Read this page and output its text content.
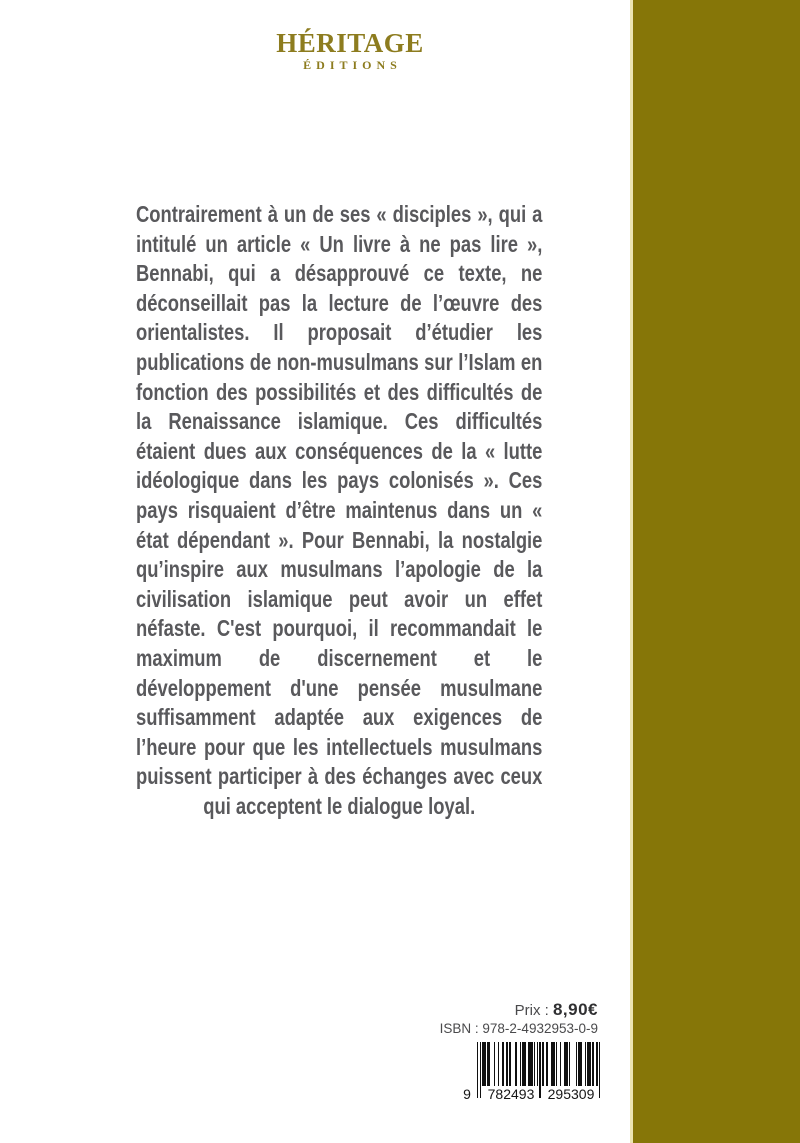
HÉRITAGE
ÉDITIONS
Contrairement à un de ses « disciples », qui a intitulé un article « Un livre à ne pas lire », Bennabi, qui a désapprouvé ce texte, ne déconseillait pas la lecture de l’œuvre des orientalistes. Il proposait d’étudier les publications de non-musulmans sur l’Islam en fonction des possibilités et des difficultés de la Renaissance islamique. Ces difficultés étaient dues aux conséquences de la « lutte idéologique dans les pays colonisés ». Ces pays risquaient d’être maintenus dans un « état dépendant ». Pour Bennabi, la nostalgie qu’inspire aux musulmans l’apologie de la civilisation islamique peut avoir un effet néfaste. C'est pourquoi, il recommandait le maximum de discernement et le développement d'une pensée musulmane suffisamment adaptée aux exigences de l’heure pour que les intellectuels musulmans puissent participer à des échanges avec ceux qui acceptent le dialogue loyal.
Prix : 8,90€
ISBN : 978-2-4932953-0-9
9 782493 295309
